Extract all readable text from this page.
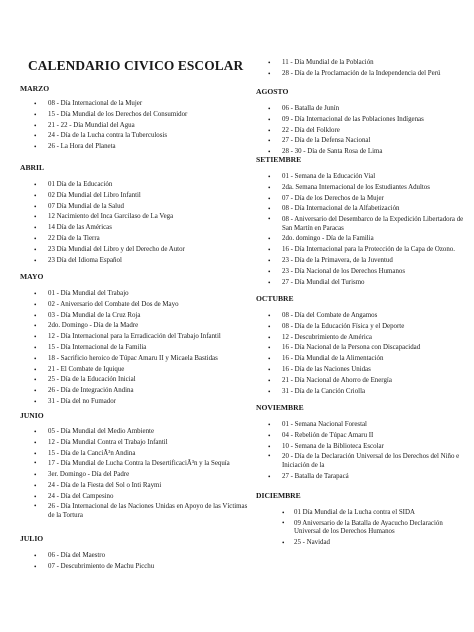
CALENDARIO CIVICO ESCOLAR
MARZO
• 08 - Día Internacional de la Mujer
• 15 - Día Mundial de los Derechos del Consumidor
• 21 - 22 - Día Mundial del Agua
• 24 - Día de la Lucha contra la Tuberculosis
• 26 - La Hora del Planeta
ABRIL
• 01 Día de la Educación
• 02 Día Mundial del Libro Infantil
• 07 Día Mundial de la Salud
• 12 Nacimiento del Inca Garcilaso de La Vega
• 14 Día de las Américas
• 22 Día de la Tierra
• 23 Día Mundial del Libro y del Derecho de Autor
• 23 Día del Idioma Español
MAYO
• 01 - Día Mundial del Trabajo
• 02 - Aniversario del Combate del Dos de Mayo
• 03 - Día Mundial de la Cruz Roja
• 2do. Domingo - Día de la Madre
• 12 - Día Internacional para la Erradicación del Trabajo Infantil
• 15 - Día Internacional de la Familia
• 18 - Sacrificio heroico de Túpac Amaru II y Micaela Bastidas
• 21 - El Combate de Iquique
• 25 - Día de la Educación Inicial
• 26 - Día de Integración Andina
• 31 - Día del no Fumador
JUNIO
• 05 - Día Mundial del Medio Ambiente
• 12 - Día Mundial Contra el Trabajo Infantil
• 15 - Día de la CanciÃ³n Andina
• 17 - Día Mundial de Lucha Contra la DesertificaciÃ³n y la Sequía
• 3er. Domingo - Día del Padre
• 24 - Día de la Fiesta del Sol o Inti Raymi
• 24 - Día del Campesino
• 26 - Día Internacional de las Naciones Unidas en Apoyo de las Víctimas de la Tortura
JULIO
• 06 - Día del Maestro
• 07 - Descubrimiento de Machu Picchu
• 11 - Día Mundial de la Población
• 28 - Día de la Proclamación de la Independencia del Perú
AGOSTO
• 06 - Batalla de Junín
• 09 - Día Internacional de las Poblaciones Indígenas
• 22 - Día del Folklore
• 27 - Día de la Defensa Nacional
• 28 - 30 - Día de Santa Rosa de Lima
SETIEMBRE
• 01 - Semana de la Educación Vial
• 2da. Semana Internacional de los Estudiantes Adultos
• 07 - Día de los Derechos de la Mujer
• 08 - Día Internacional de la Alfabetización
• 08 - Aniversario del Desembarco de la Expedición Libertadora de San Martín en Paracas
• 2do. domingo - Día de la Familia
• 16 - Día Internacional para la Protección de la Capa de Ozono.
• 23 - Día de la Primavera, de la Juventud
• 23 - Día Nacional de los Derechos Humanos
• 27 - Día Mundial del Turismo
OCTUBRE
• 08 - Día del Combate de Angamos
• 08 - Día de la Educación Física y el Deporte
• 12 - Descubrimiento de América
• 16 - Día Nacional de la Persona con Discapacidad
• 16 - Día Mundial de la Alimentación
• 16 - Día de las Naciones Unidas
• 21 - Día Nacional de Ahorro de Energía
• 31 - Día de la Canción Criolla
NOVIEMBRE
• 01 - Semana Nacional Forestal
• 04 - Rebelión de Túpac Amaru II
• 10 - Semana de la Biblioteca Escolar
• 20 - Día de la Declaración Universal de los Derechos del Niño e Iniciación de la
• 27 - Batalla de Tarapacá
DICIEMBRE
• 01 Día Mundial de la Lucha contra el SIDA
• 09 Aniversario de la Batalla de Ayacucho Declaración Universal de los Derechos Humanos
• 25 - Navidad
